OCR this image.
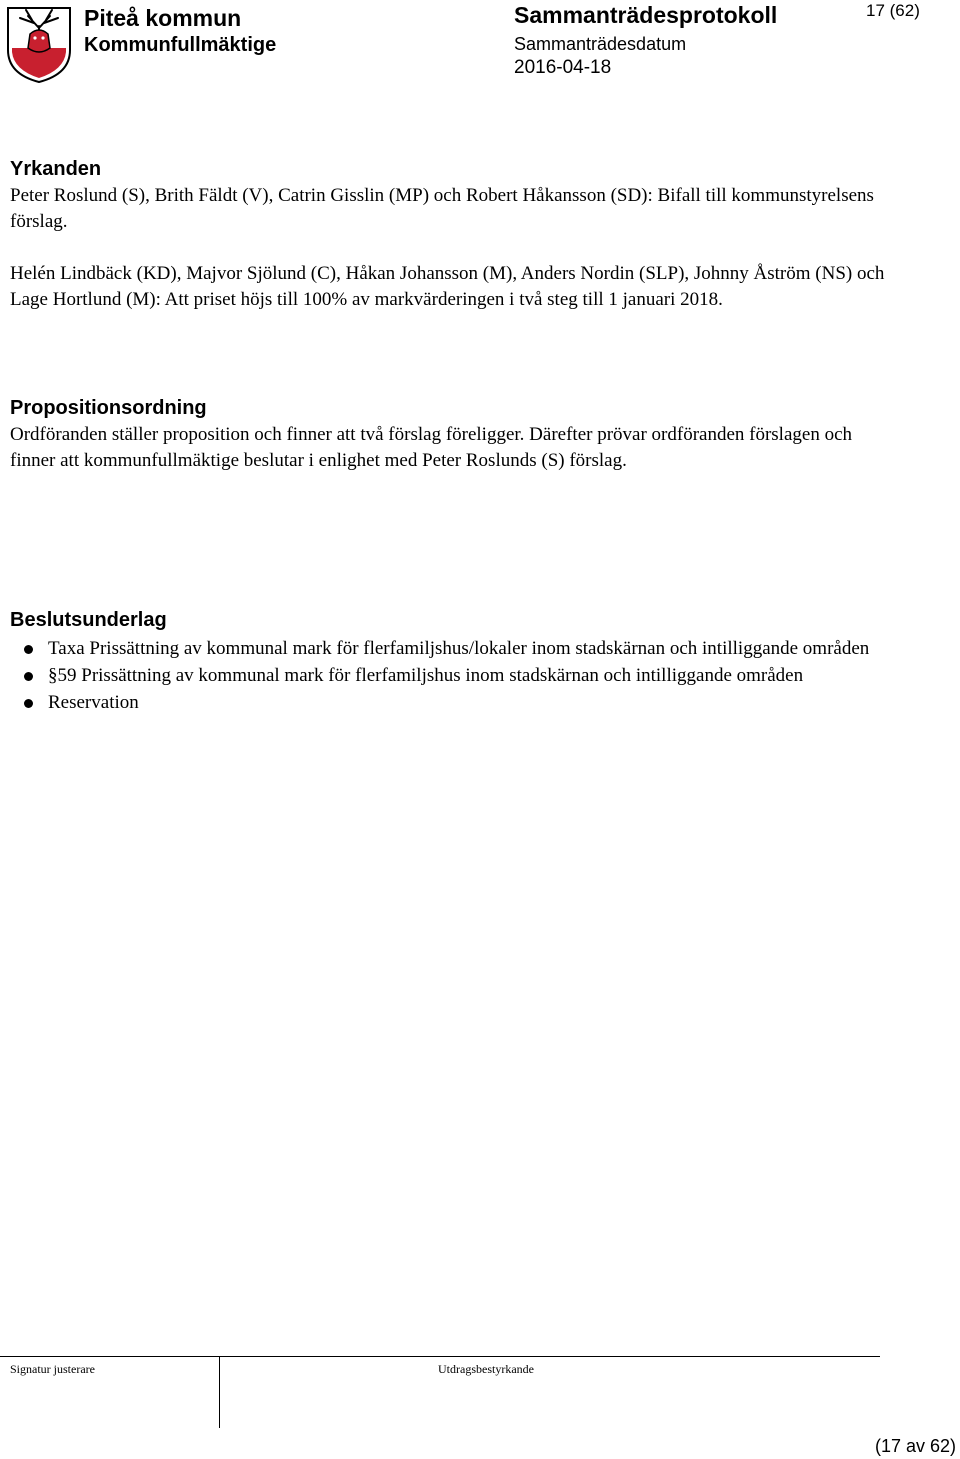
Piteå kommun
Kommunfullmäktige
Sammanträdesprotokoll
Sammanträdesdatum
2016-04-18
17 (62)
Yrkanden
Peter Roslund (S), Brith Fäldt (V), Catrin Gisslin (MP) och Robert Håkansson (SD): Bifall till kommunstyrelsens förslag.
Helén Lindbäck (KD), Majvor Sjölund (C), Håkan Johansson (M), Anders Nordin (SLP), Johnny Åström (NS) och Lage Hortlund (M): Att priset höjs till 100% av markvärderingen i två steg till 1 januari 2018.
Propositionsordning
Ordföranden ställer proposition och finner att två förslag föreligger. Därefter prövar ordföranden förslagen och finner att kommunfullmäktige beslutar i enlighet med Peter Roslunds (S) förslag.
Beslutsunderlag
Taxa Prissättning av kommunal mark för flerfamiljshus/lokaler inom stadskärnan och intilliggande områden
§59 Prissättning av kommunal mark för flerfamiljshus inom stadskärnan och intilliggande områden
Reservation
Signatur justerare	Utdragsbestyrkande
(17 av 62)
